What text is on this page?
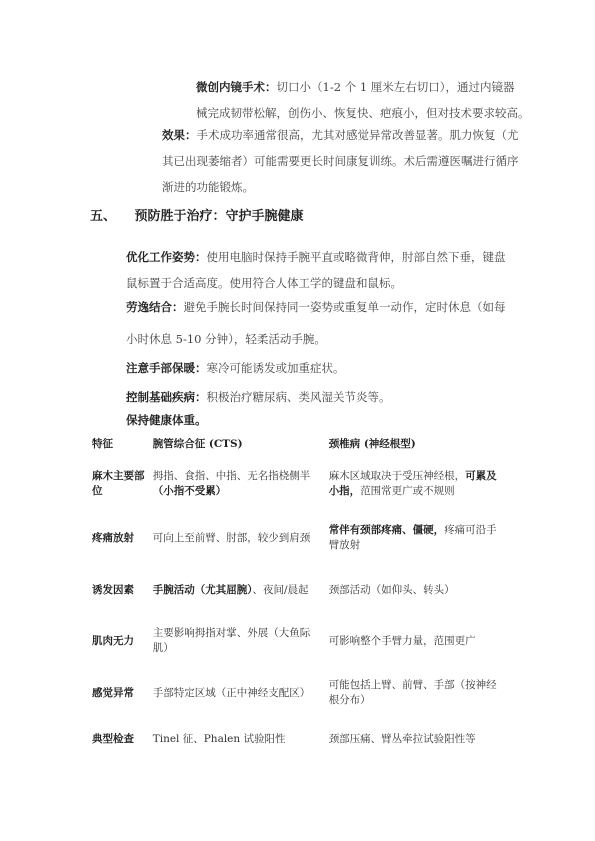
微创内镜手术：切口小（1-2 个 1 厘米左右切口），通过内镜器
械完成韧带松解，创伤小、恢复快、疤痕小，但对技术要求较高。
效果：手术成功率通常很高，尤其对感觉异常改善显著。肌力恢复（尤
其已出现萎缩者）可能需要更长时间康复训练。术后需遵医嘱进行循序
渐进的功能锻炼。
五、 预防胜于治疗：守护手腕健康
优化工作姿势：使用电脑时保持手腕平直或略微背伸，肘部自然下垂，键盘
鼠标置于合适高度。使用符合人体工学的键盘和鼠标。
劳逸结合：避免手腕长时间保持同一姿势或重复单一动作，定时休息（如每
小时休息 5-10 分钟），轻柔活动手腕。
注意手部保暖：寒冷可能诱发或加重症状。
控制基础疾病：积极治疗糖尿病、类风湿关节炎等。
保持健康体重。
特征	腕管综合征 (CTS)	颈椎病 (神经根型)
麻木主要部位	拇指、食指、中指、无名指桡侧半（小指不受累）	麻木区域取决于受压神经根，可累及小指，范围常更广或不规则
疼痛放射	可向上至前臂、肘部，较少到肩颈	常伴有颈部疼痛、僵硬，疼痛可沿手臂放射
诱发因素	手腕活动（尤其屈腕）、夜间/晨起	颈部活动（如仰头、转头）
肌肉无力	主要影响拇指对掌、外展（大鱼际肌）	可影响整个手臂力量，范围更广
感觉异常	手部特定区域（正中神经支配区）	可能包括上臂、前臂、手部（按神经根分布）
典型检查	Tinel 征、Phalen 试验阳性	颈部压痛、臂丛牵拉试验阳性等
